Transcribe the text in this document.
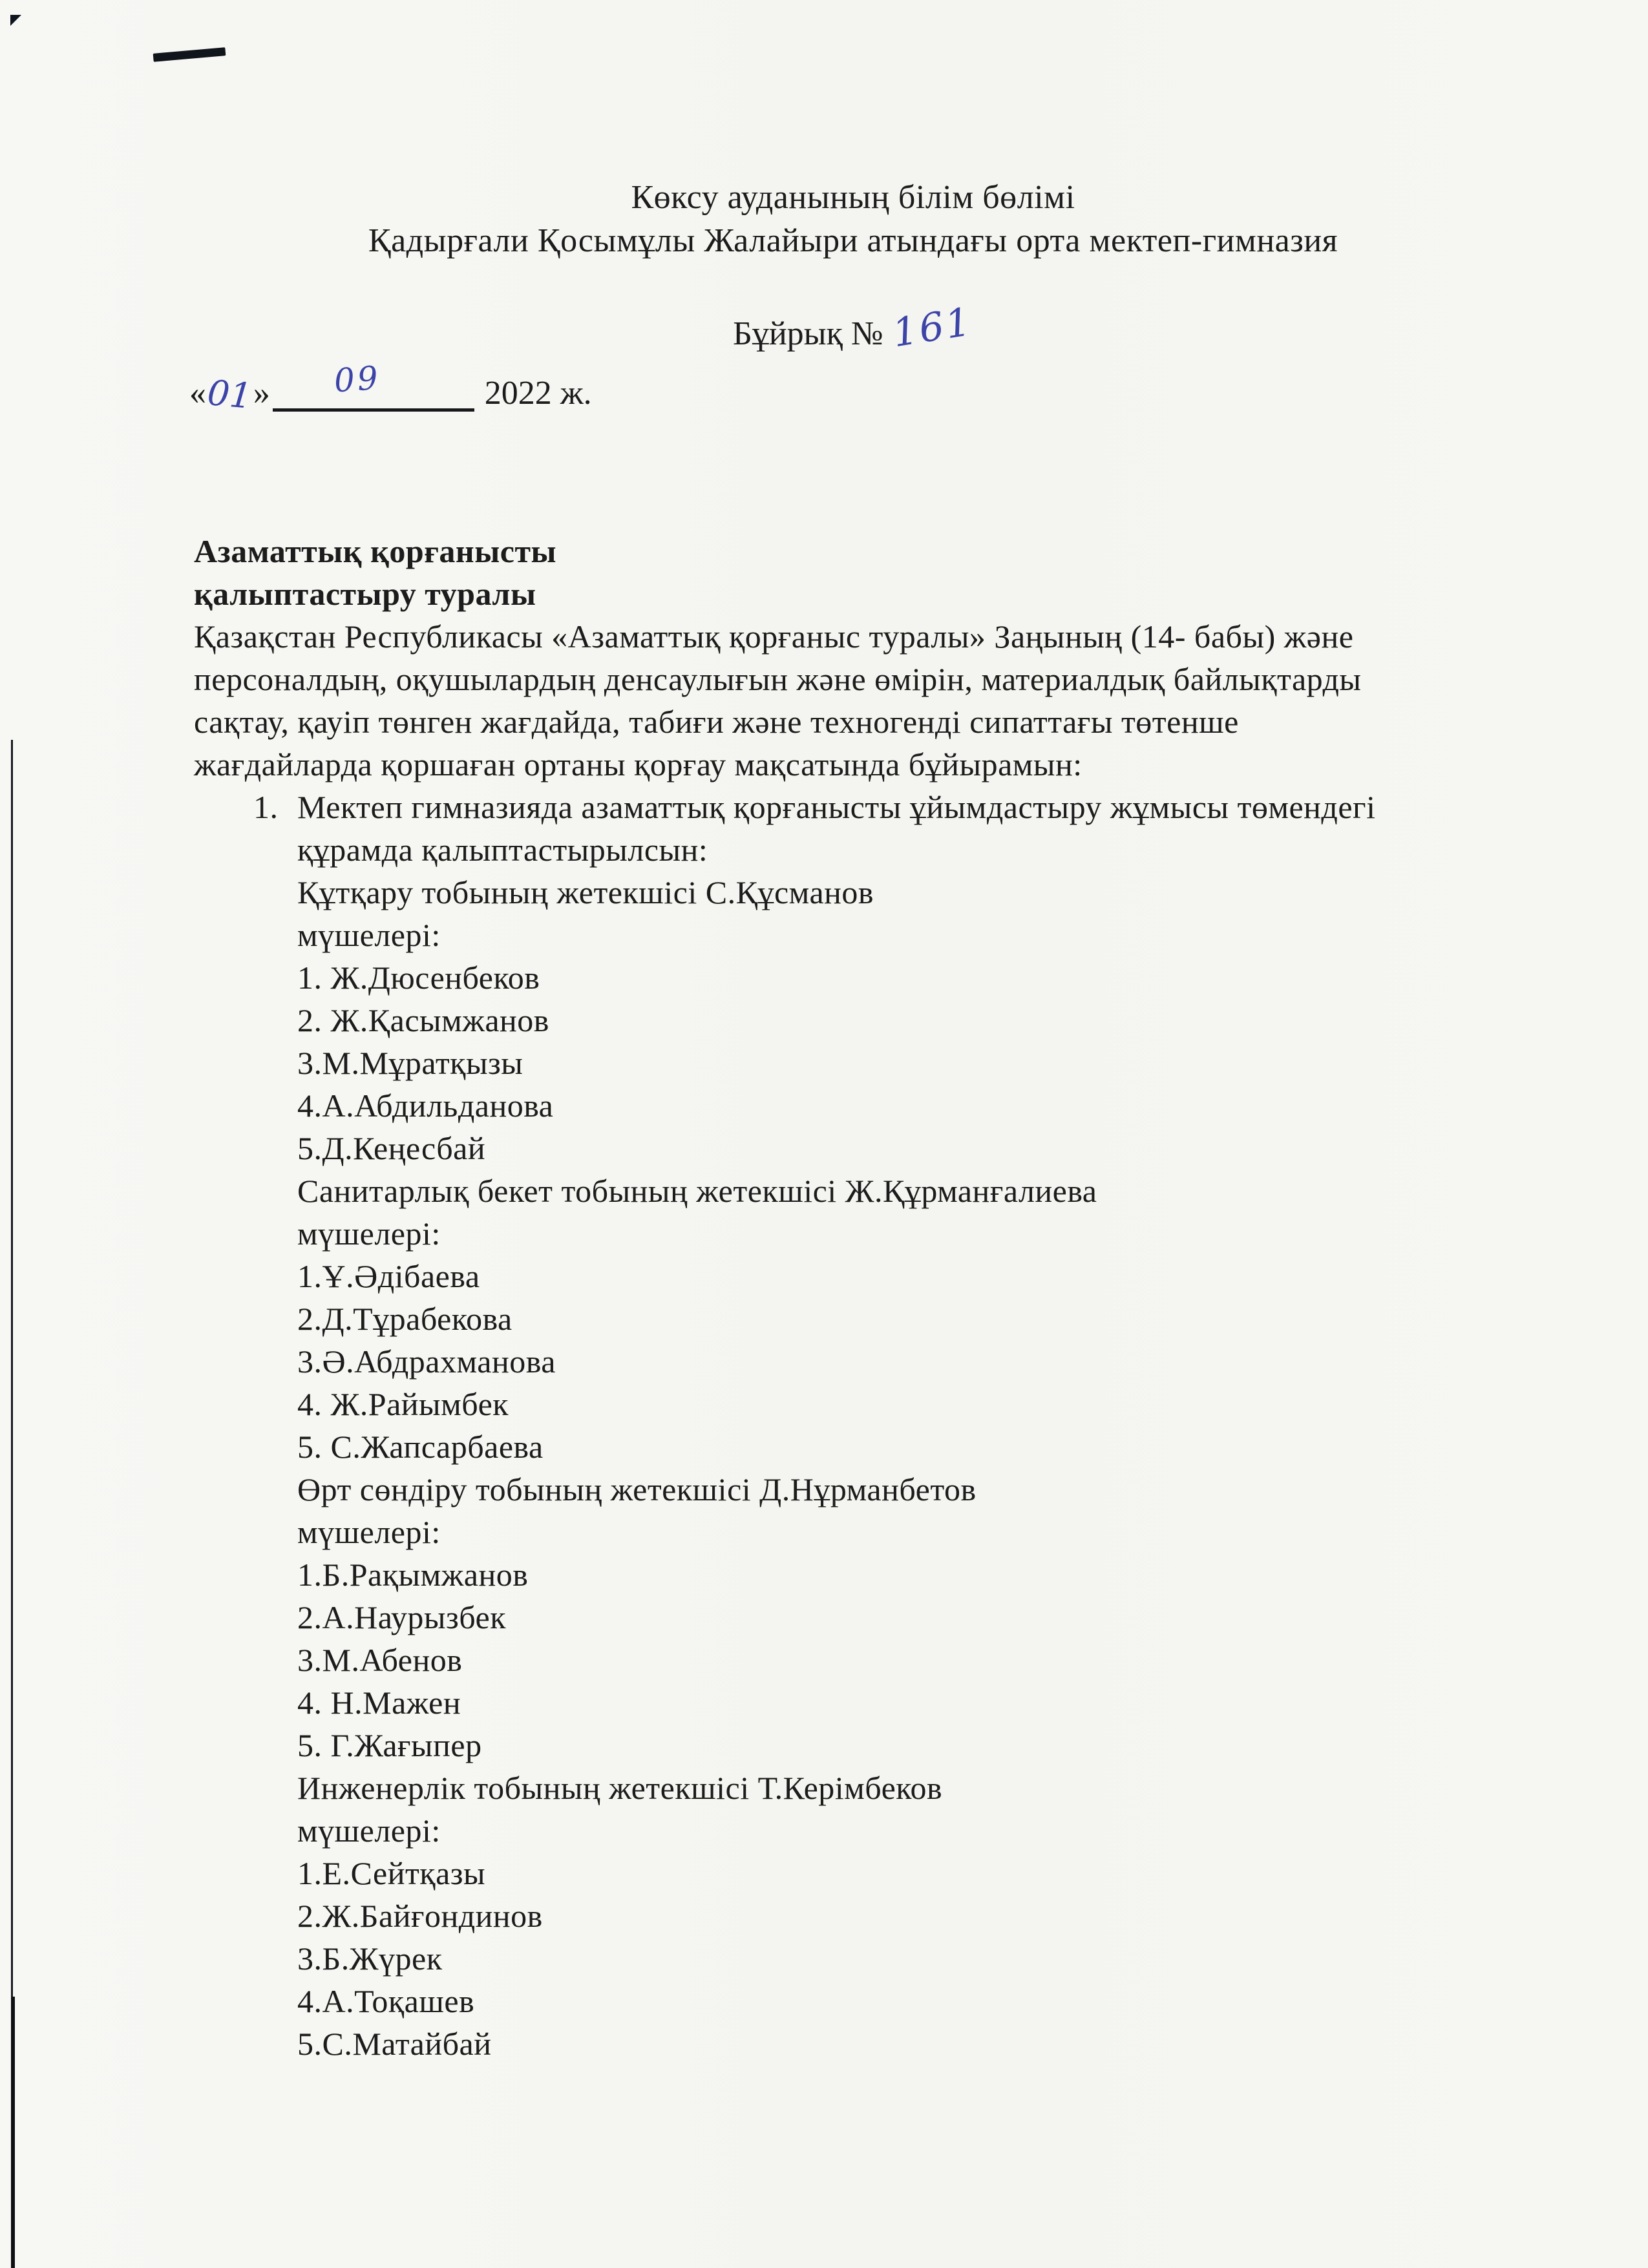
Көксу ауданының білім бөлімі
Қадырғали Қосымұлы Жалайыри атындағы орта мектеп-гимназия
Бұйрық № 161
«01» 09	2022 ж.
Азаматтық қорғанысты
қалыптастыру туралы
Қазақстан Республикасы «Азаматтық қорғаныс туралы» Заңының (14- бабы) және
персоналдың, оқушылардың денсаулығын және өмірін, материалдық байлықтарды
сақтау, қауіп төнген жағдайда, табиғи және техногенді сипаттағы төтенше
жағдайларда қоршаған ортаны қорғау мақсатында бұйырамын:
1. Мектеп гимназияда азаматтық қорғанысты ұйымдастыру жұмысы төмендегі
құрамда қалыптастырылсын:
Құтқару тобының жетекшісі С.Құсманов
мүшелері:
1. Ж.Дюсенбеков
2. Ж.Қасымжанов
3.М.Мұратқызы
4.А.Абдильданова
5.Д.Кеңесбай
Санитарлық бекет тобының жетекшісі Ж.Құрманғалиева
мүшелері:
1.Ұ.Әдібаева
2.Д.Тұрабекова
3.Ә.Абдрахманова
4. Ж.Райымбек
5. С.Жапсарбаева
Өрт сөндіру тобының жетекшісі Д.Нұрманбетов
мүшелері:
1.Б.Рақымжанов
2.А.Наурызбек
3.М.Абенов
4. Н.Мажен
5. Г.Жағыпер
Инженерлік тобының жетекшісі Т.Керімбеков
мүшелері:
1.Е.Сейтқазы
2.Ж.Байғондинов
3.Б.Жүрек
4.А.Тоқашев
5.С.Матайбай
